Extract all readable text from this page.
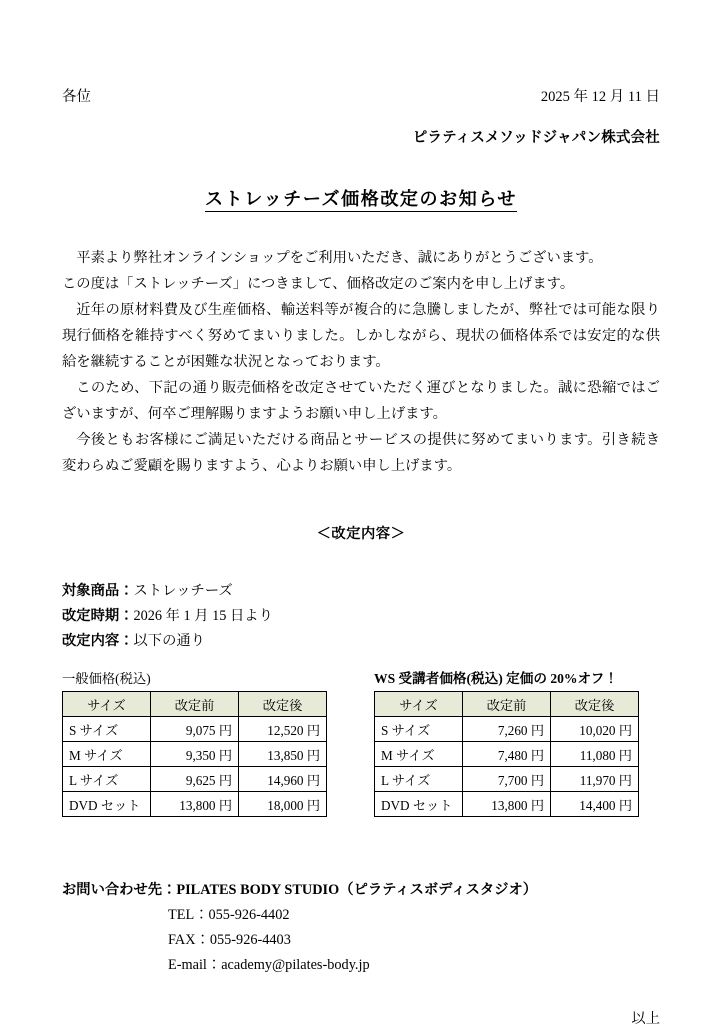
各位	2025 年 12 月 11 日
ピラティスメソッドジャパン株式会社
ストレッチーズ価格改定のお知らせ

平素より弊社オンラインショップをご利用いただき、誠にありがとうございます。

この度は「ストレッチーズ」につきまして、価格改定のご案内を申し上げます。

近年の原材料費及び生産価格、輸送料等が複合的に急騰しましたが、弊社では可能な限り現行価格を維持すべく努めてまいりました。しかしながら、現状の価格体系では安定的な供給を継続することが困難な状況となっております。

このため、下記の通り販売価格を改定させていただく運びとなりました。誠に恐縮ではございますが、何卒ご理解賜りますようお願い申し上げます。

今後ともお客様にご満足いただける商品とサービスの提供に努めてまいります。引き続き変わらぬご愛顧を賜りますよう、心よりお願い申し上げます。

＜改定内容＞
対象商品：ストレッチーズ
改定時期：2026 年 1 月 15 日より
改定内容：以下の通り
一般価格(税込)
サイズ	改定前	改定後
S サイズ	9,075 円	12,520 円
M サイズ	9,350 円	13,850 円
L サイズ	9,625 円	14,960 円
DVD セット	13,800 円	18,000 円
WS 受講者価格(税込) 定価の 20%オフ！
サイズ	改定前	改定後
S サイズ	7,260 円	10,020 円
M サイズ	7,480 円	11,080 円
L サイズ	7,700 円	11,970 円
DVD セット	13,800 円	14,400 円
お問い合わせ先：PILATES BODY STUDIO（ピラティスボディスタジオ）
TEL：055-926-4402
FAX：055-926-4403
E-mail：academy@pilates-body.jp
以上
